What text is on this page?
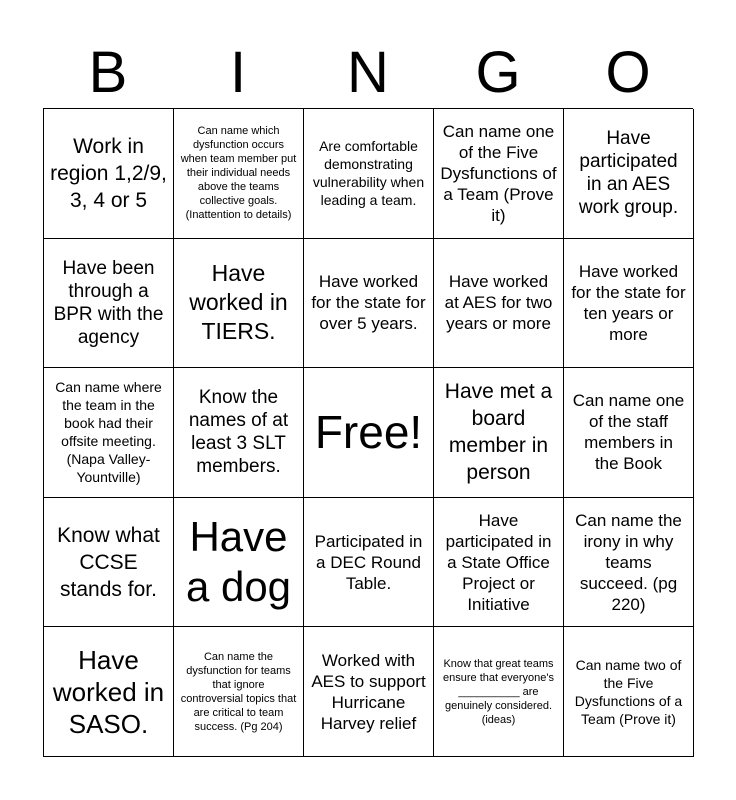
B	I	N	G	O
Work in region 1,2/9, 3, 4 or 5
Can name which dysfunction occurs when team member put their individual needs above the teams collective goals. (Inattention to details)
Are comfortable demonstrating vulnerability when leading a team.
Can name one of the Five Dysfunctions of a Team (Prove it)
Have participated in an AES work group.
Have been through a BPR with the agency
Have worked in TIERS.
Have worked for the state for over 5 years.
Have worked at AES for two years or more
Have worked for the state for ten years or more
Can name where the team in the book had their offsite meeting. (Napa Valley-Yountville)
Know the names of at least 3 SLT members.
Free!
Have met a board member in person
Can name one of the staff members in the Book
Know what CCSE stands for.
Have a dog
Participated in a DEC Round Table.
Have participated in a State Office Project or Initiative
Can name the irony in why teams succeed. (pg 220)
Have worked in SASO.
Can name the dysfunction for teams that ignore controversial topics that are critical to team success. (Pg 204)
Worked with AES to support Hurricane Harvey relief
Know that great teams ensure that everyone's __________ are genuinely considered. (ideas)
Can name two of the Five Dysfunctions of a Team (Prove it)
